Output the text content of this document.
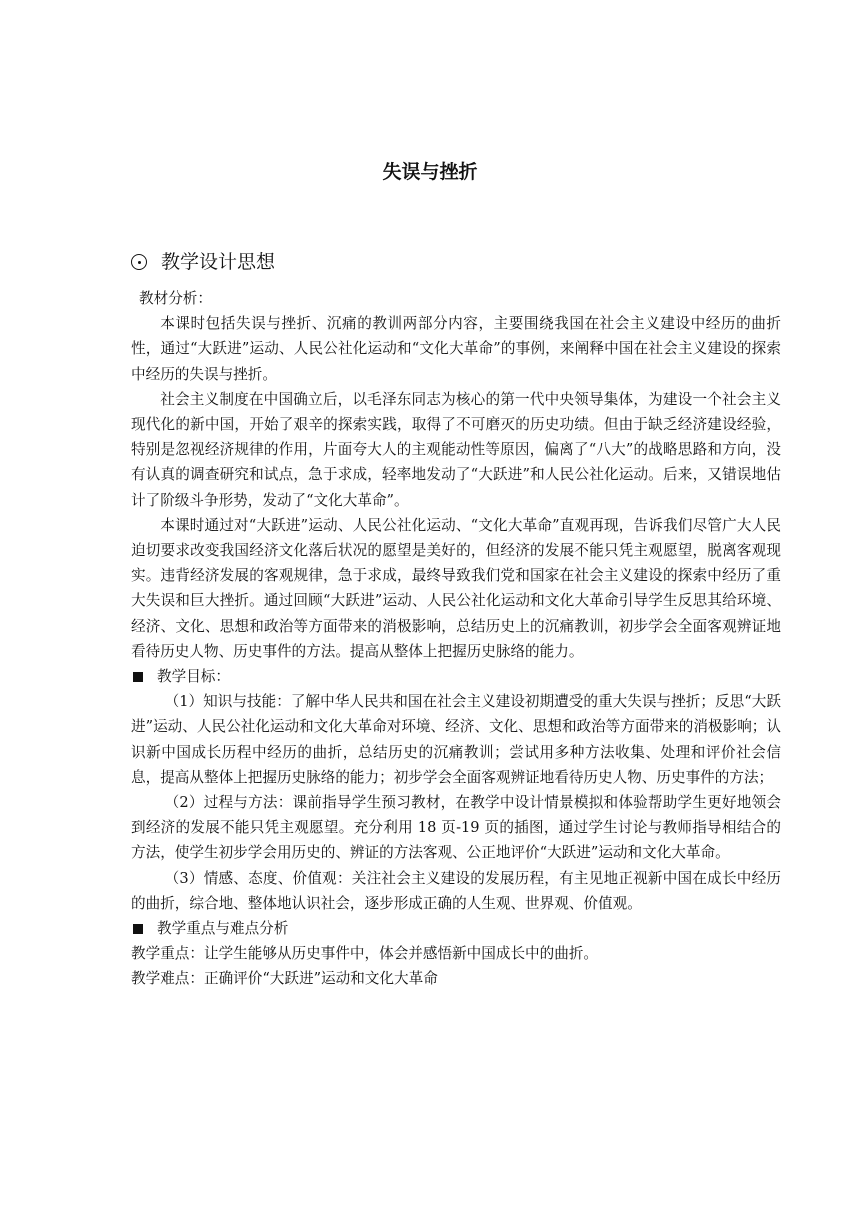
失误与挫折
教学设计思想

教材分析：

本课时包括失误与挫折、沉痛的教训两部分内容，主要围绕我国在社会主义建设中经历的曲折性，通过“大跃进”运动、人民公社化运动和“文化大革命”的事例，来阐释中国在社会主义建设的探索中经历的失误与挫折。

社会主义制度在中国确立后，以毛泽东同志为核心的第一代中央领导集体，为建设一个社会主义现代化的新中国，开始了艰辛的探索实践，取得了不可磨灭的历史功绩。但由于缺乏经济建设经验，特别是忽视经济规律的作用，片面夸大人的主观能动性等原因，偏离了“八大”的战略思路和方向，没有认真的调查研究和试点，急于求成，轻率地发动了“大跃进”和人民公社化运动。后来，又错误地估计了阶级斗争形势，发动了“文化大革命”。

本课时通过对“大跃进”运动、人民公社化运动、“文化大革命”直观再现，告诉我们尽管广大人民迫切要求改变我国经济文化落后状况的愿望是美好的，但经济的发展不能只凭主观愿望，脱离客观现实。违背经济发展的客观规律，急于求成，最终导致我们党和国家在社会主义建设的探索中经历了重大失误和巨大挫折。通过回顾“大跃进”运动、人民公社化运动和文化大革命引导学生反思其给环境、经济、文化、思想和政治等方面带来的消极影响，总结历史上的沉痛教训，初步学会全面客观辨证地看待历史人物、历史事件的方法。提高从整体上把握历史脉络的能力。

教学目标：

（1）知识与技能：了解中华人民共和国在社会主义建设初期遭受的重大失误与挫折；反思“大跃进”运动、人民公社化运动和文化大革命对环境、经济、文化、思想和政治等方面带来的消极影响；认识新中国成长历程中经历的曲折，总结历史的沉痛教训；尝试用多种方法收集、处理和评价社会信息，提高从整体上把握历史脉络的能力；初步学会全面客观辨证地看待历史人物、历史事件的方法；

（2）过程与方法：课前指导学生预习教材，在教学中设计情景模拟和体验帮助学生更好地领会到经济的发展不能只凭主观愿望。充分利用 18 页-19 页的插图，通过学生讨论与教师指导相结合的方法，使学生初步学会用历史的、辨证的方法客观、公正地评价“大跃进”运动和文化大革命。

（3）情感、态度、价值观：关注社会主义建设的发展历程，有主见地正视新中国在成长中经历的曲折，综合地、整体地认识社会，逐步形成正确的人生观、世界观、价值观。

教学重点与难点分析

教学重点：让学生能够从历史事件中，体会并感悟新中国成长中的曲折。

教学难点：正确评价“大跃进”运动和文化大革命
